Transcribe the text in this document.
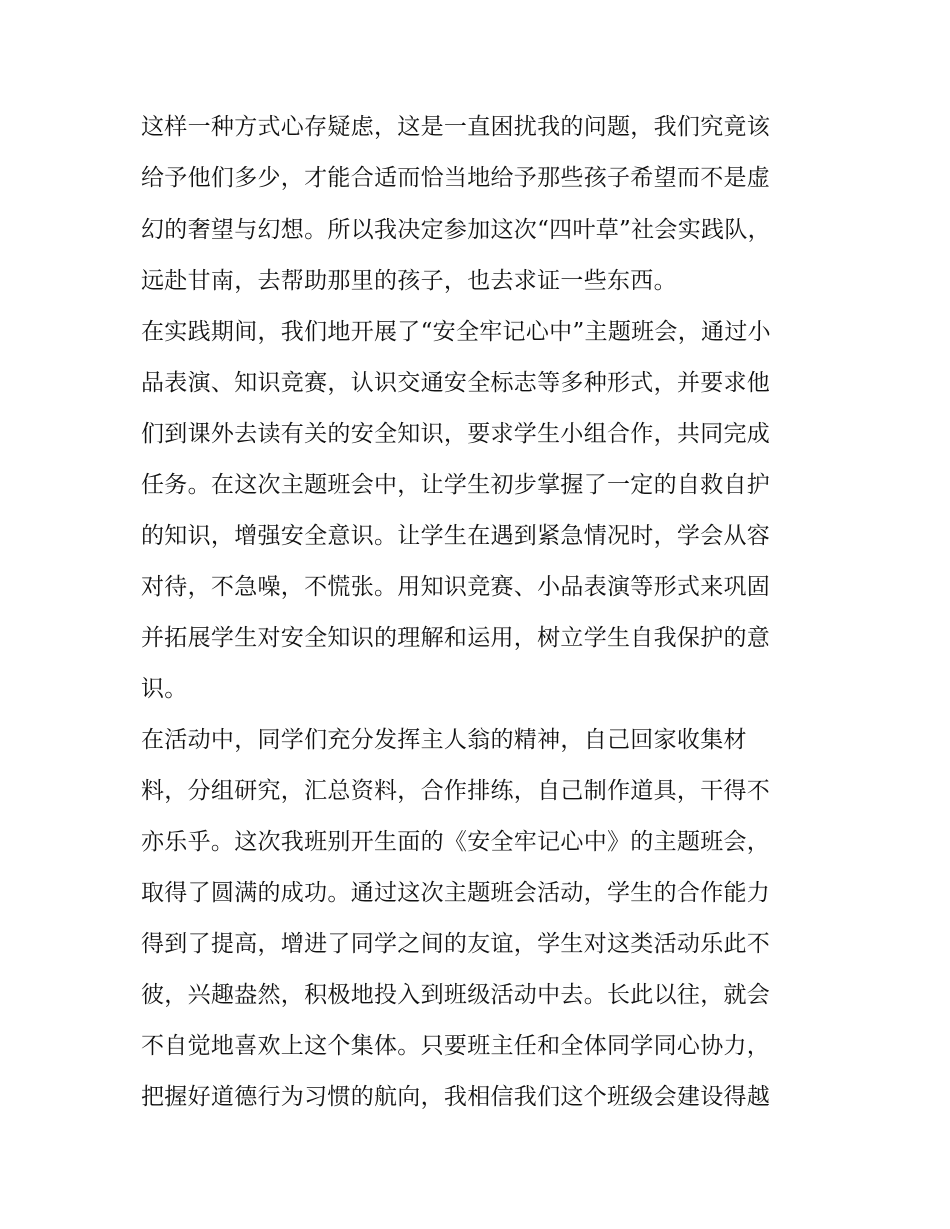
这样一种方式心存疑虑，这是一直困扰我的问题，我们究竟该
给予他们多少，才能合适而恰当地给予那些孩子希望而不是虚
幻的奢望与幻想。所以我决定参加这次“四叶草”社会实践队，
远赴甘南，去帮助那里的孩子，也去求证一些东西。
在实践期间，我们地开展了“安全牢记心中”主题班会，通过小
品表演、知识竞赛，认识交通安全标志等多种形式，并要求他
们到课外去读有关的安全知识，要求学生小组合作，共同完成
任务。在这次主题班会中，让学生初步掌握了一定的自救自护
的知识，增强安全意识。让学生在遇到紧急情况时，学会从容
对待，不急噪，不慌张。用知识竞赛、小品表演等形式来巩固
并拓展学生对安全知识的理解和运用，树立学生自我保护的意
识。
在活动中，同学们充分发挥主人翁的精神，自己回家收集材
料，分组研究，汇总资料，合作排练，自己制作道具，干得不
亦乐乎。这次我班别开生面的《安全牢记心中》的主题班会，
取得了圆满的成功。通过这次主题班会活动，学生的合作能力
得到了提高，增进了同学之间的友谊，学生对这类活动乐此不
彼，兴趣盎然，积极地投入到班级活动中去。长此以往，就会
不自觉地喜欢上这个集体。只要班主任和全体同学同心协力，
把握好道德行为习惯的航向，我相信我们这个班级会建设得越
